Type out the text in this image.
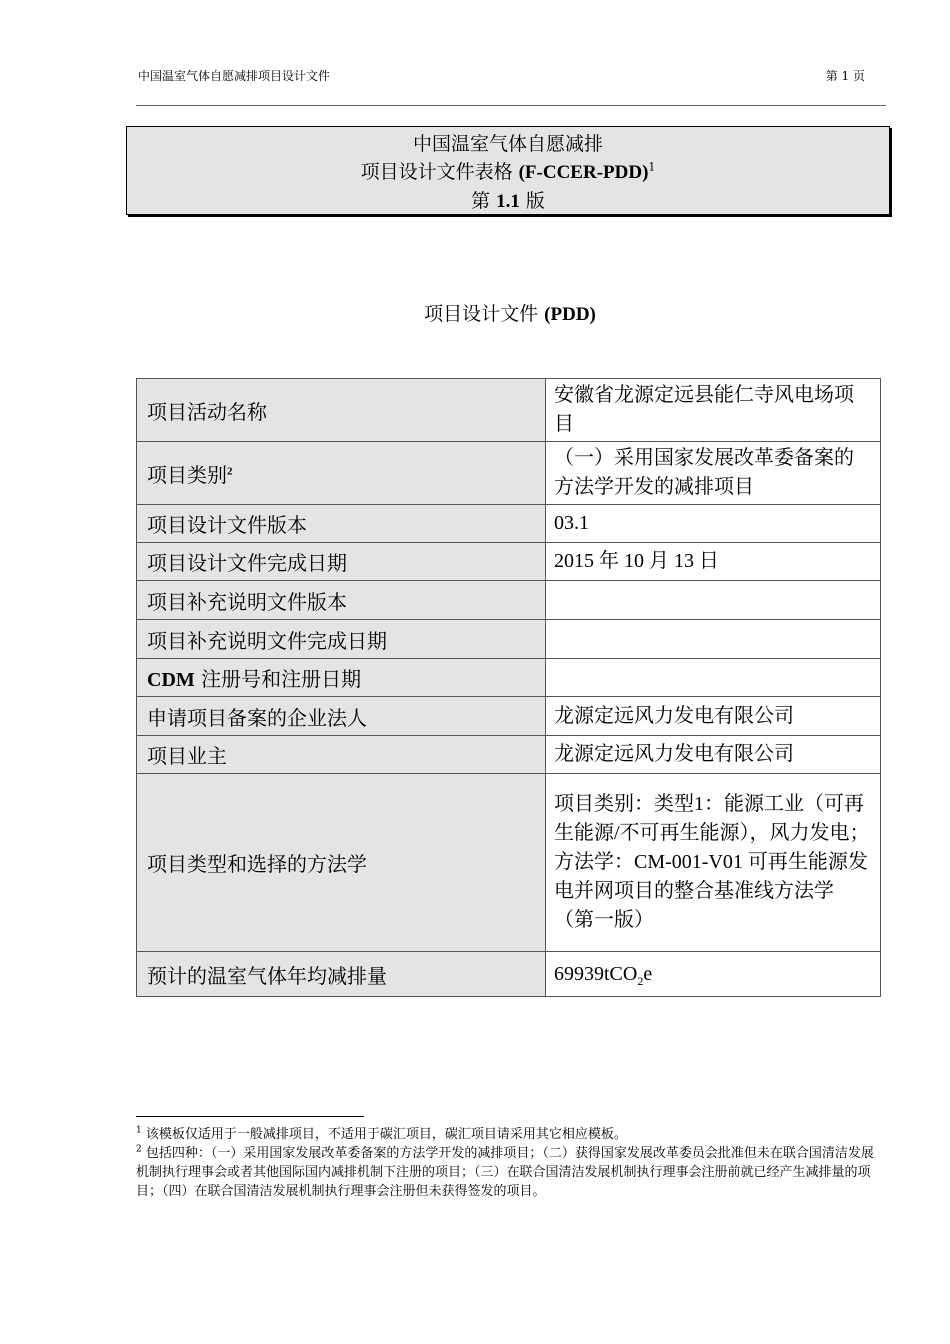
中国温室气体自愿减排项目设计文件	第 1 页
中国温室气体自愿减排
项目设计文件表格 (F-CCER-PDD)$^1$
第 1.1 版
项目设计文件 (PDD)
项目活动名称	安徽省龙源定远县能仁寺风电场项目
项目类别$^2$	（一）采用国家发展改革委备案的方法学开发的减排项目
项目设计文件版本	03.1
项目设计文件完成日期	2015 年 10 月 13 日
项目补充说明文件版本	
项目补充说明文件完成日期	
CDM 注册号和注册日期	
申请项目备案的企业法人	龙源定远风力发电有限公司
项目业主	龙源定远风力发电有限公司
项目类型和选择的方法学	项目类别：类型1：能源工业（可再生能源/不可再生能源），风力发电；
方法学：CM-001-V01 可再生能源发电并网项目的整合基准线方法学（第一版）

预计的温室气体年均减排量	69939tCO$_2$e

$^1$ 该模板仅适用于一般减排项目，不适用于碳汇项目，碳汇项目请采用其它相应模板。

$^2$ 包括四种：（一）采用国家发展改革委备案的方法学开发的减排项目；（二）获得国家发展改革委员会批准但未在联合国清洁发展机制执行理事会或者其他国际国内减排机制下注册的项目；（三）在联合国清洁发展机制执行理事会注册前就已经产生减排量的项目；（四）在联合国清洁发展机制执行理事会注册但未获得签发的项目。
